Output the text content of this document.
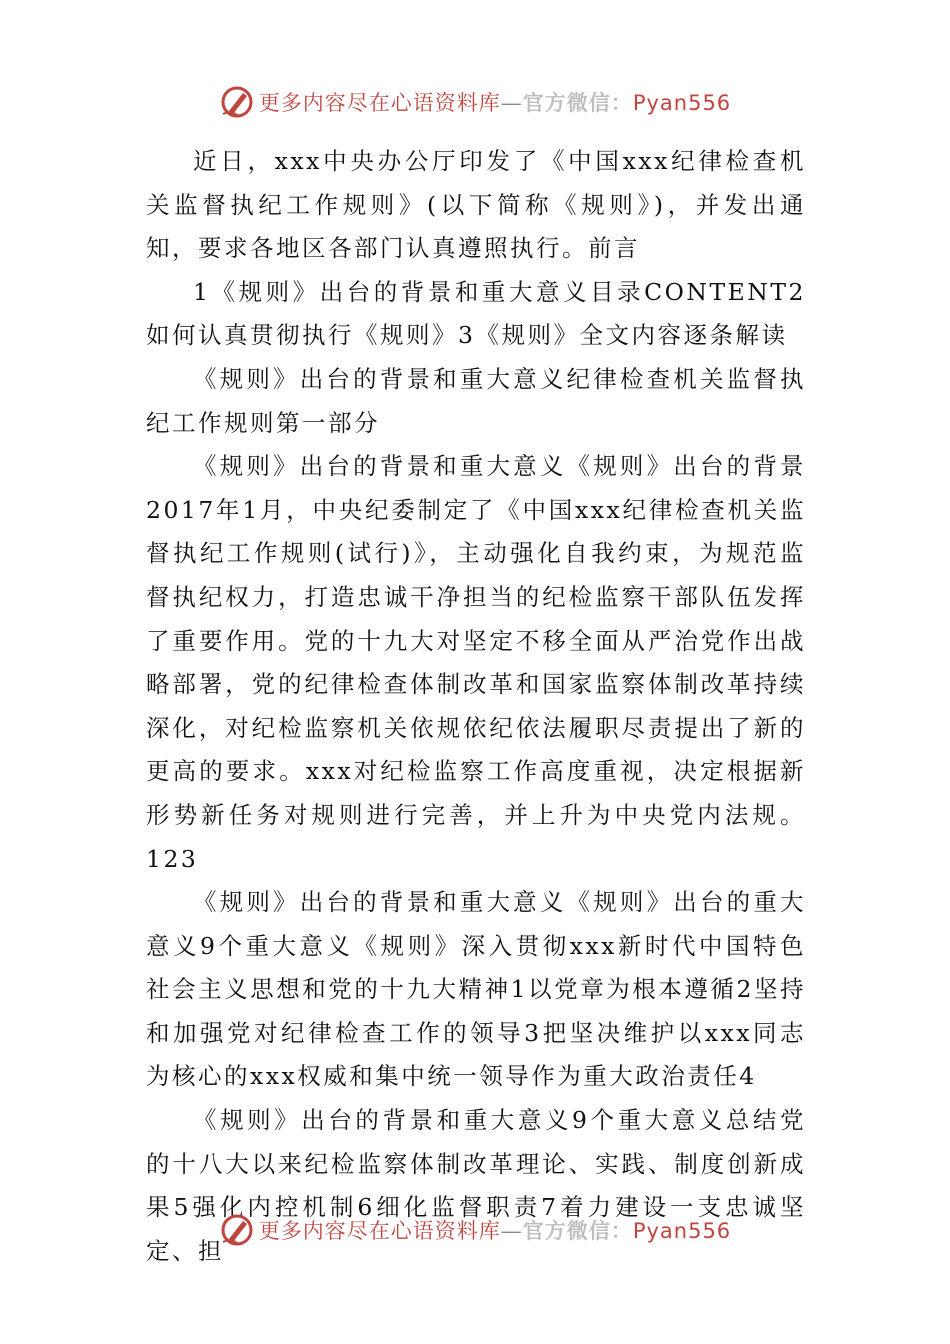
更多内容尽在心语资料库—官方微信：Pyan556

近日，xxx中央办公厅印发了《中国xxx纪律检查机关监督执纪工作规则》(以下简称《规则》)，并发出通知，要求各地区各部门认真遵照执行。前言

1《规则》出台的背景和重大意义目录CONTENT2如何认真贯彻执行《规则》3《规则》全文内容逐条解读

《规则》出台的背景和重大意义纪律检查机关监督执纪工作规则第一部分

《规则》出台的背景和重大意义《规则》出台的背景2017年1月，中央纪委制定了《中国xxx纪律检查机关监督执纪工作规则(试行)》，主动强化自我约束，为规范监督执纪权力，打造忠诚干净担当的纪检监察干部队伍发挥了重要作用。党的十九大对坚定不移全面从严治党作出战略部署，党的纪律检查体制改革和国家监察体制改革持续深化，对纪检监察机关依规依纪依法履职尽责提出了新的更高的要求。xxx对纪检监察工作高度重视，决定根据新形势新任务对规则进行完善，并上升为中央党内法规。123

《规则》出台的背景和重大意义《规则》出台的重大意义9个重大意义《规则》深入贯彻xxx新时代中国特色社会主义思想和党的十九大精神1以党章为根本遵循2坚持和加强党对纪律检查工作的领导3把坚决维护以xxx同志为核心的xxx权威和集中统一领导作为重大政治责任4

《规则》出台的背景和重大意义9个重大意义总结党的十八大以来纪检监察体制改革理论、实践、制度创新成果5强化内控机制6细化监督职责7着力建设一支忠诚坚定、担

更多内容尽在心语资料库—官方微信：Pyan556
